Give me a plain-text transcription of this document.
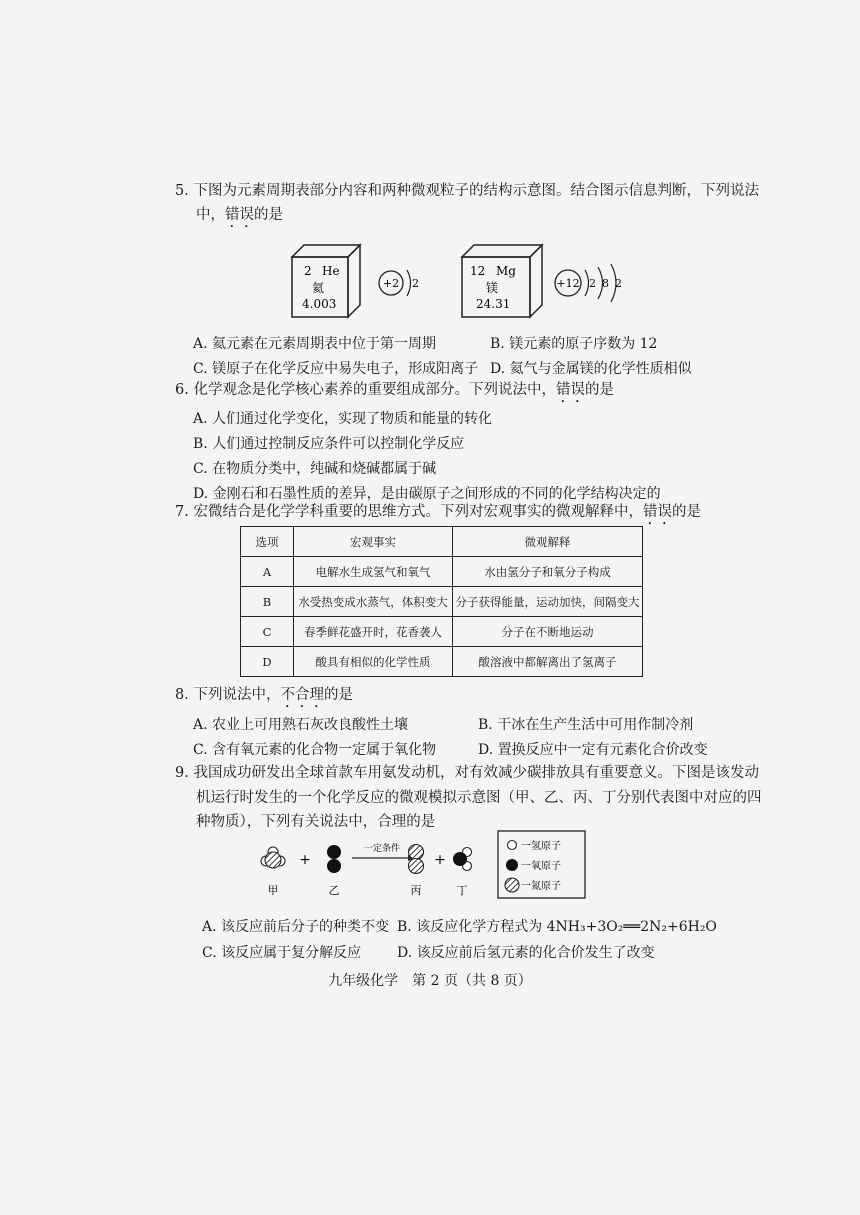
5. 下图为元素周期表部分内容和两种微观粒子的结构示意图。结合图示信息判断，下列说法
中，错误的是
2 He
氦
4.003
+2 2
12 Mg
镁
24.31
+12 2 8 2
A. 氦元素在元素周期表中位于第一周期	B. 镁元素的原子序数为 12
C. 镁原子在化学反应中易失电子，形成阳离子 D. 氦气与金属镁的化学性质相似
6. 化学观念是化学核心素养的重要组成部分。下列说法中，错误的是
A. 人们通过化学变化，实现了物质和能量的转化
B. 人们通过控制反应条件可以控制化学反应
C. 在物质分类中，纯碱和烧碱都属于碱
D. 金刚石和石墨性质的差异，是由碳原子之间形成的不同的化学结构决定的
7. 宏微结合是化学学科重要的思维方式。下列对宏观事实的微观解释中，错误的是
选项	宏观事实	微观解释
A	电解水生成氢气和氧气	水由氢分子和氧分子构成
B	水受热变成水蒸气，体积变大	分子获得能量，运动加快，间隔变大
C	春季鲜花盛开时，花香袭人	分子在不断地运动
D	酸具有相似的化学性质	酸溶液中都解离出了氢离子
8. 下列说法中，不合理的是
A. 农业上可用熟石灰改良酸性土壤	B. 干冰在生产生活中可用作制冷剂
C. 含有氧元素的化合物一定属于氧化物	D. 置换反应中一定有元素化合价改变
9. 我国成功研发出全球首款车用氨发动机，对有效减少碳排放具有重要意义。下图是该发动
机运行时发生的一个化学反应的微观模拟示意图（甲、乙、丙、丁分别代表图中对应的四
种物质），下列有关说法中，合理的是
甲
+
乙
一定条件
丙
+
丁
一氢原子
一氧原子
一氮原子
A. 该反应前后分子的种类不变 B. 该反应化学方程式为 4NH₃+3O₂══2N₂+6H₂O
C. 该反应属于复分解反应	D. 该反应前后氢元素的化合价发生了改变
九年级化学　第 2 页（共 8 页）
